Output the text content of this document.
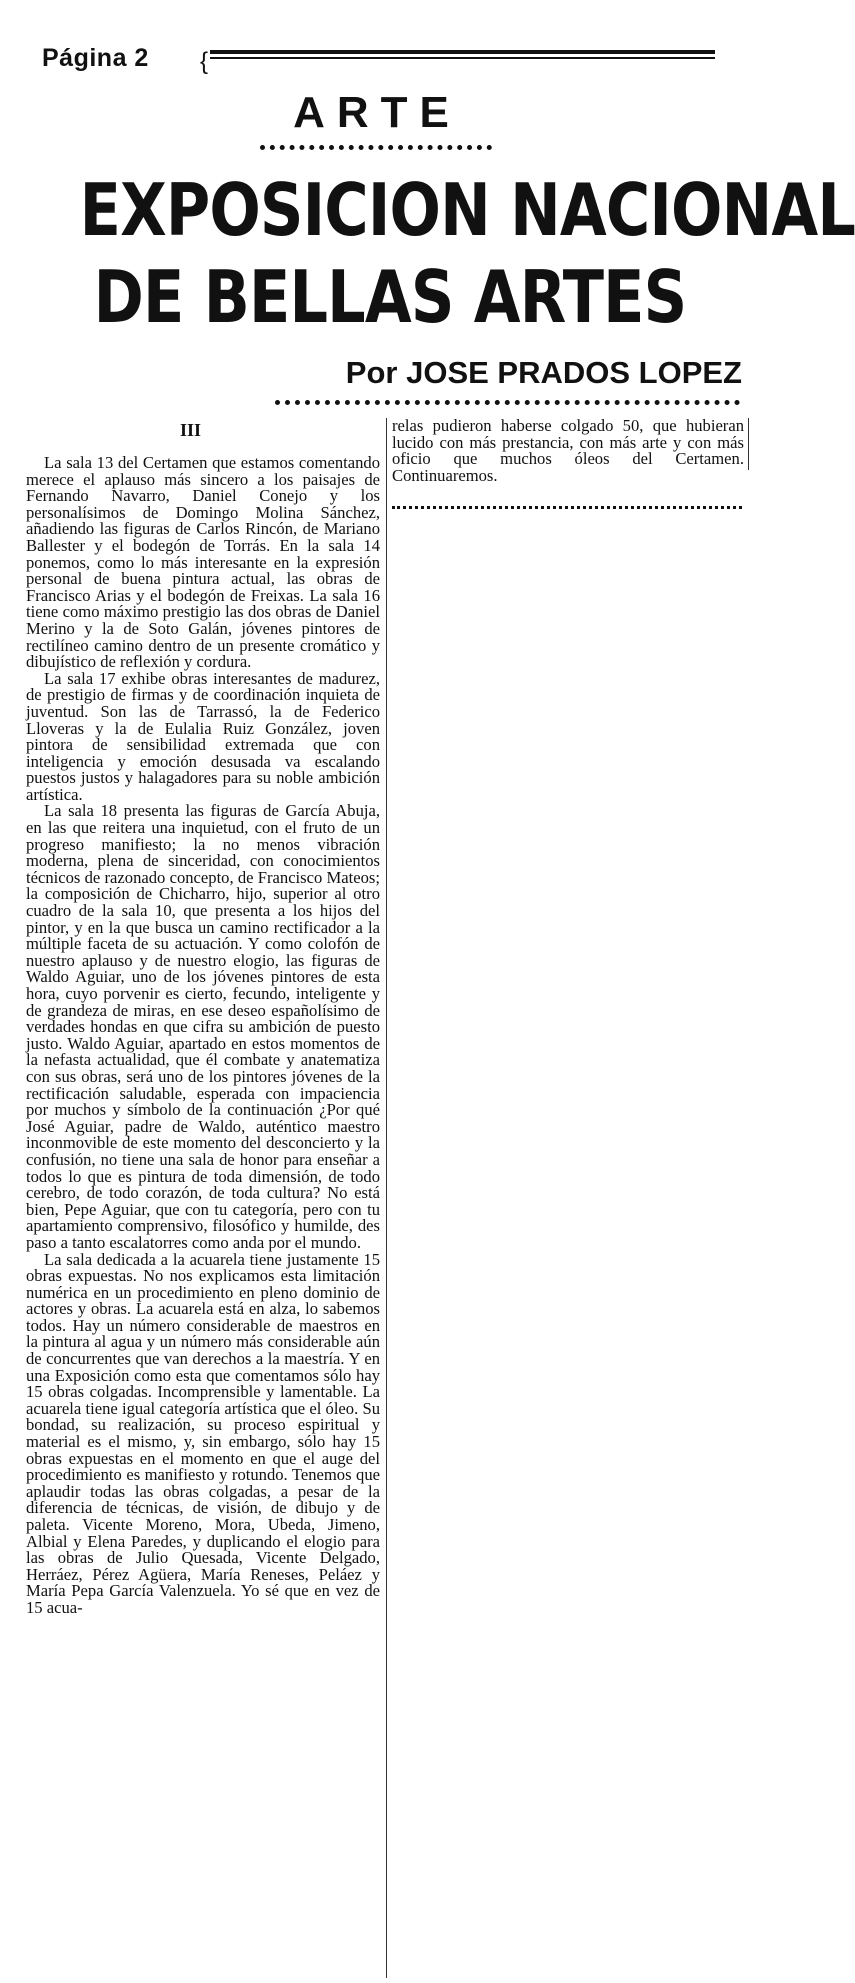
Página 2 {
ARTE
EXPOSICION NACIONAL
DE BELLAS ARTES
Por JOSE PRADOS LOPEZ
III

La sala 13 del Certamen que estamos comentando merece el aplauso más sincero a los paisajes de Fernando Navarro, Daniel Conejo y los personalísimos de Domingo Molina Sánchez, añadiendo las figuras de Carlos Rincón, de Mariano Ballester y el bodegón de Torrás. En la sala 14 ponemos, como lo más interesante en la expresión personal de buena pintura actual, las obras de Francisco Arias y el bodegón de Freixas. La sala 16 tiene como máximo prestigio las dos obras de Daniel Merino y la de Soto Galán, jóvenes pintores de rectilíneo camino dentro de un presente cromático y dibujístico de reflexión y cordura.

La sala 17 exhibe obras interesantes de madurez, de prestigio de firmas y de coordinación inquieta de juventud. Son las de Tarrassó, la de Federico Lloveras y la de Eulalia Ruiz González, joven pintora de sensibilidad extremada que con inteligencia y emoción desusada va escalando puestos justos y halagadores para su noble ambición artística.

La sala 18 presenta las figuras de García Abuja, en las que reitera una inquietud, con el fruto de un progreso manifiesto; la no menos vibración moderna, plena de sinceridad, con conocimientos técnicos de razonado concepto, de Francisco Mateos; la composición de Chicharro, hijo, superior al otro cuadro de la sala 10, que presenta a los hijos del pintor, y en la que busca un camino rectificador a la múltiple faceta de su actuación. Y como colofón de nuestro aplauso y de nuestro elogio, las figuras de Waldo Aguiar, uno de los jóvenes pintores de esta hora, cuyo porvenir es cierto, fecundo, inteligente y de grandeza de miras, en ese deseo españolísimo de verdades hondas en que cifra su ambición de puesto justo. Waldo Aguiar, apartado en estos momentos de la nefasta actualidad, que él combate y anatematiza con sus obras, será uno de los pintores jóvenes de la rectificación saludable, esperada con impaciencia por muchos y símbolo de la continuación ¿Por qué José Aguiar, padre de Waldo, auténtico maestro inconmovible de este momento del desconcierto y la confusión, no tiene una sala de honor para enseñar a todos lo que es pintura de toda dimensión, de todo cerebro, de todo corazón, de toda cultura? No está bien, Pepe Aguiar, que con tu categoría, pero con tu apartamiento comprensivo, filosófico y humilde, des paso a tanto escalatorres como anda por el mundo.

La sala dedicada a la acuarela tiene justamente 15 obras expuestas. No nos explicamos esta limitación numérica en un procedimiento en pleno dominio de actores y obras. La acuarela está en alza, lo sabemos todos. Hay un número considerable de maestros en la pintura al agua y un número más considerable aún de concurrentes que van derechos a la maestría. Y en una Exposición como esta que comentamos sólo hay 15 obras colgadas. Incomprensible y lamentable. La acuarela tiene igual categoría artística que el óleo. Su bondad, su realización, su proceso espiritual y material es el mismo, y, sin embargo, sólo hay 15 obras expuestas en el momento en que el auge del procedimiento es manifiesto y rotundo. Tenemos que aplaudir todas las obras colgadas, a pesar de la diferencia de técnicas, de visión, de dibujo y de paleta. Vicente Moreno, Mora, Ubeda, Jimeno, Albial y Elena Paredes, y duplicando el elogio para las obras de Julio Quesada, Vicente Delgado, Herráez, Pérez Agüera, María Reneses, Peláez y María Pepa García Valenzuela. Yo sé que en vez de 15 acua-

relas pudieron haberse colgado 50, que hubieran lucido con más prestancia, con más arte y con más oficio que muchos óleos del Certamen. Continuaremos.
